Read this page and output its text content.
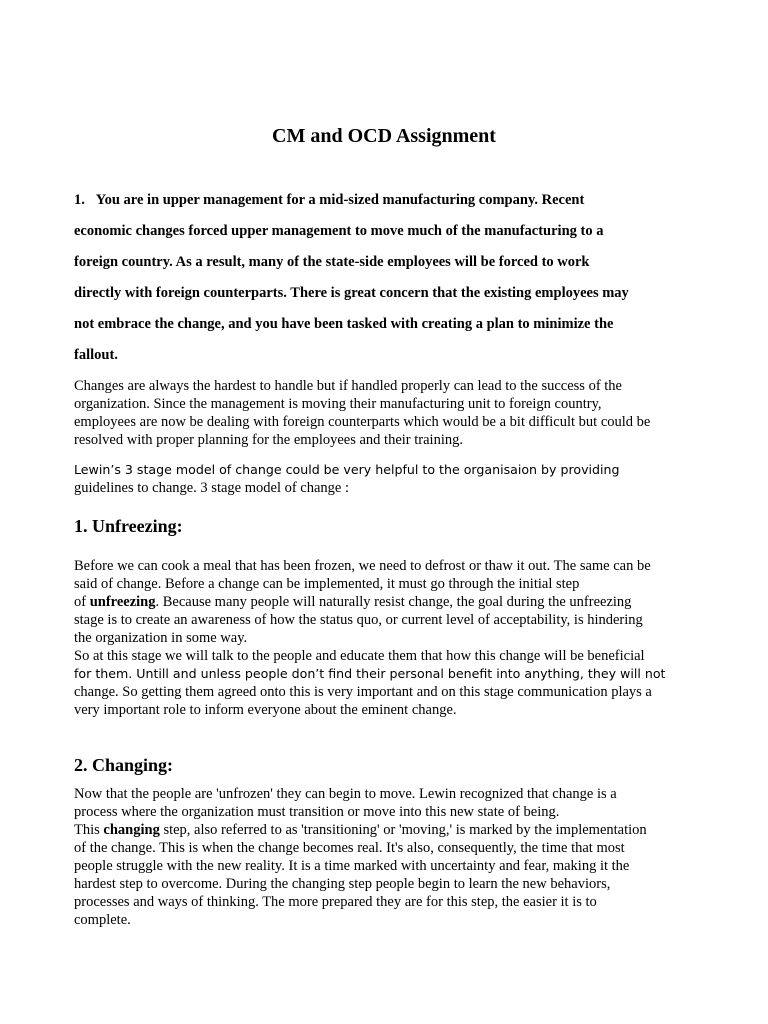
CM and OCD Assignment
1. You are in upper management for a mid-sized manufacturing company. Recent
economic changes forced upper management to move much of the manufacturing to a
foreign country. As a result, many of the state-side employees will be forced to work
directly with foreign counterparts. There is great concern that the existing employees may
not embrace the change, and you have been tasked with creating a plan to minimize the
fallout.
Changes are always the hardest to handle but if handled properly can lead to the success of the
organization. Since the management is moving their manufacturing unit to foreign country,
employees are now be dealing with foreign counterparts which would be a bit difficult but could be
resolved with proper planning for the employees and their training.
Lewin’s 3 stage model of change could be very helpful to the organisaion by providing
guidelines to change. 3 stage model of change :
1. Unfreezing:
Before we can cook a meal that has been frozen, we need to defrost or thaw it out. The same can be
said of change. Before a change can be implemented, it must go through the initial step
of unfreezing. Because many people will naturally resist change, the goal during the unfreezing
stage is to create an awareness of how the status quo, or current level of acceptability, is hindering
the organization in some way.
So at this stage we will talk to the people and educate them that how this change will be beneficial
for them. Untill and unless people don’t find their personal benefit into anything, they will not
change. So getting them agreed onto this is very important and on this stage communication plays a
very important role to inform everyone about the eminent change.
2. Changing:
Now that the people are 'unfrozen' they can begin to move. Lewin recognized that change is a
process where the organization must transition or move into this new state of being.
This changing step, also referred to as 'transitioning' or 'moving,' is marked by the implementation
of the change. This is when the change becomes real. It's also, consequently, the time that most
people struggle with the new reality. It is a time marked with uncertainty and fear, making it the
hardest step to overcome. During the changing step people begin to learn the new behaviors,
processes and ways of thinking. The more prepared they are for this step, the easier it is to
complete.
